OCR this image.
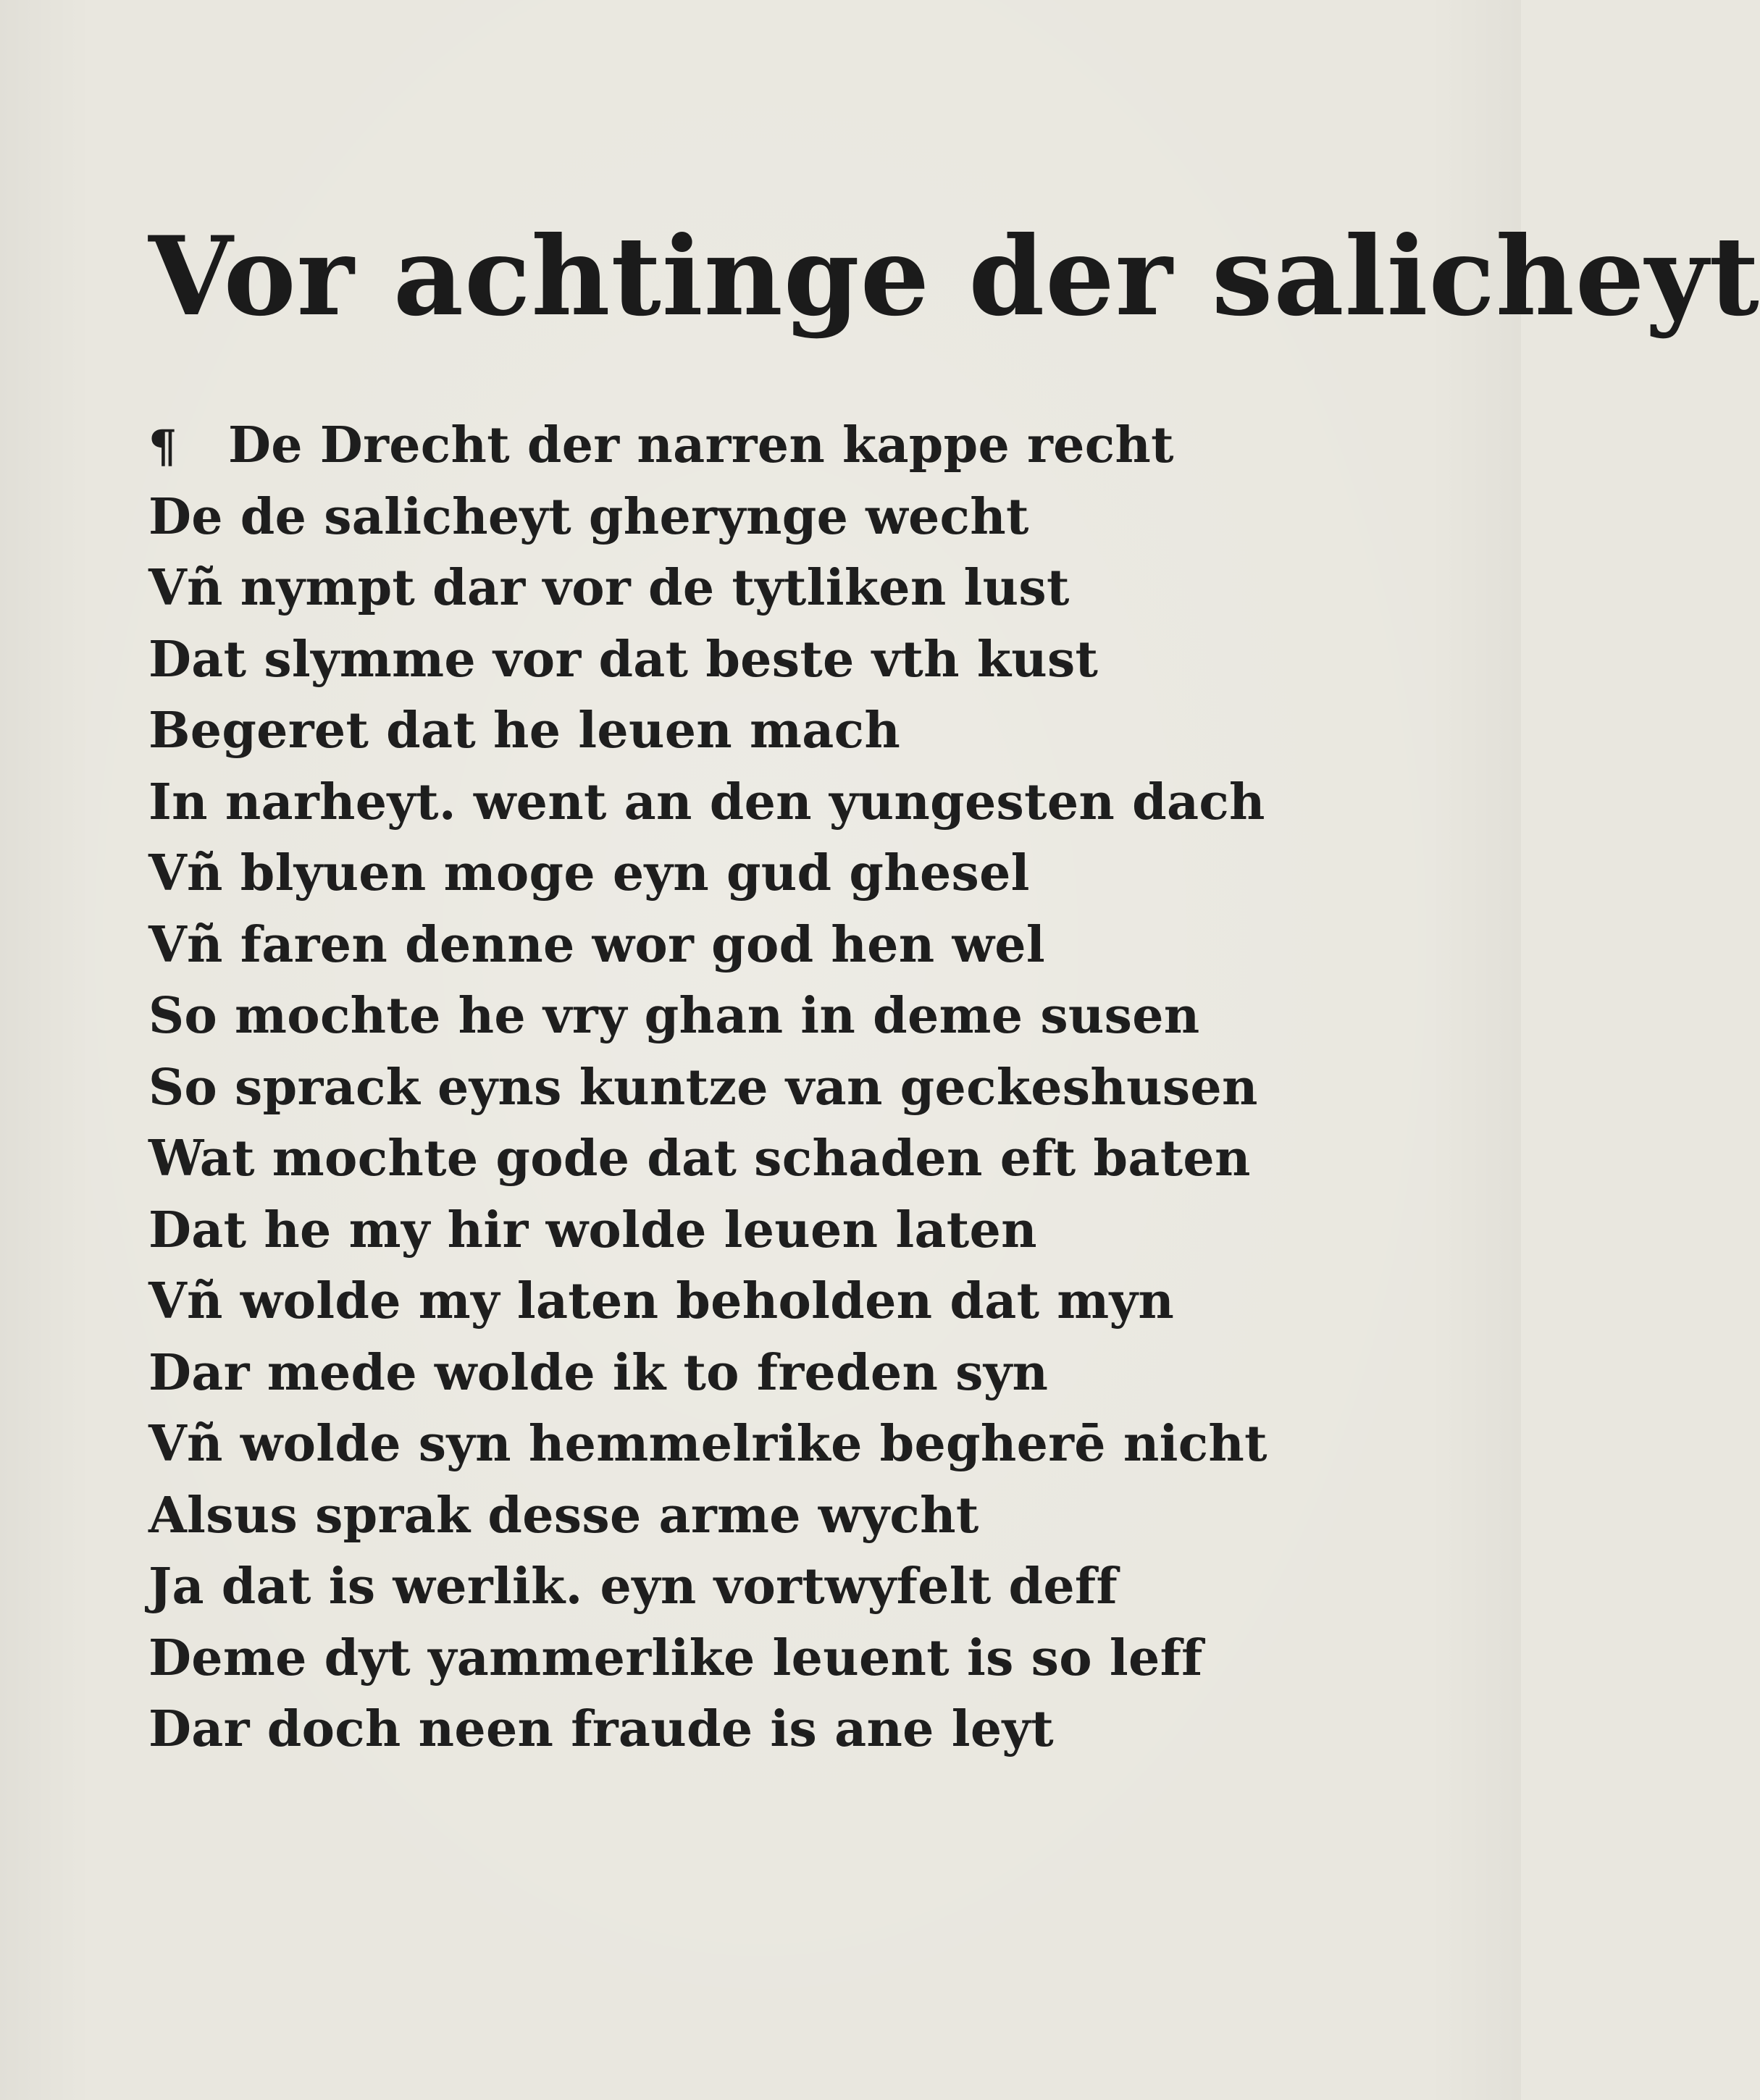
Vor achtinge der salicheyt
¶ De Drecht der narren kappe recht
De de salicheyt gherynge wecht
Vñ nympt dar vor de tytliken lust
Dat slymme vor dat beste vth kust
Begeret dat he leuen mach
In narheyt. went an den yungesten dach
Vñ blyuen moge eyn gud ghesel
Vñ faren denne wor god hen wel
So mochte he vry ghan in deme susen
So sprack eyns kuntze van geckeshusen
Wat mochte gode dat schaden eft baten
Dat he my hir wolde leuen laten
Vñ wolde my laten beholden dat myn
Dar mede wolde ik to freden syn
Vñ wolde syn hemmelrike begherē nicht
Alsus sprak desse arme wycht
Ja dat is werlik. eyn vortwyfelt deff
Deme dyt yammerlike leuent is so leff
Dar doch neen fraude is ane leyt
